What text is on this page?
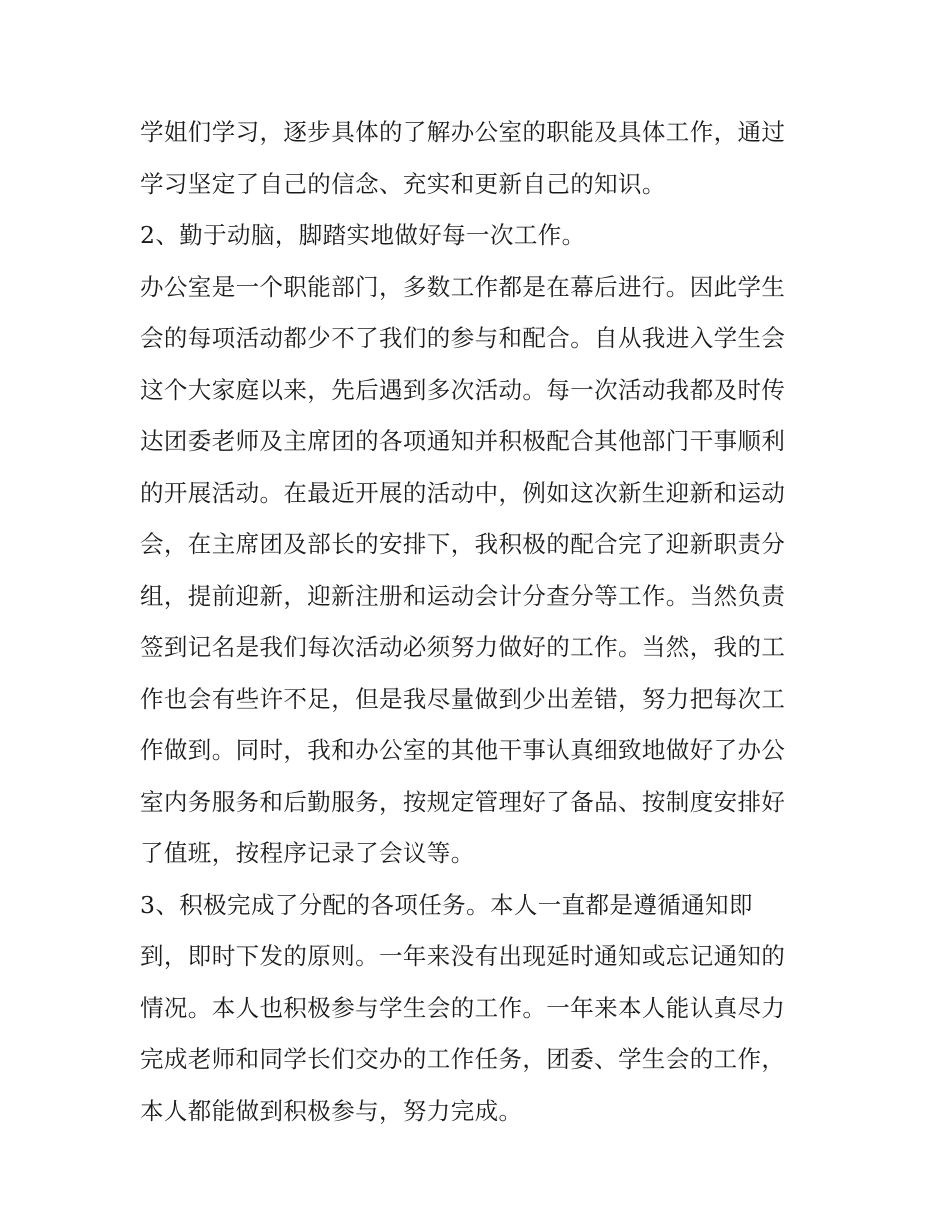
学姐们学习，逐步具体的了解办公室的职能及具体工作，通过
学习坚定了自己的信念、充实和更新自己的知识。
2、勤于动脑，脚踏实地做好每一次工作。
办公室是一个职能部门，多数工作都是在幕后进行。因此学生
会的每项活动都少不了我们的参与和配合。自从我进入学生会
这个大家庭以来，先后遇到多次活动。每一次活动我都及时传
达团委老师及主席团的各项通知并积极配合其他部门干事顺利
的开展活动。在最近开展的活动中，例如这次新生迎新和运动
会，在主席团及部长的安排下，我积极的配合完了迎新职责分
组，提前迎新，迎新注册和运动会计分查分等工作。当然负责
签到记名是我们每次活动必须努力做好的工作。当然，我的工
作也会有些许不足，但是我尽量做到少出差错，努力把每次工
作做到。同时，我和办公室的其他干事认真细致地做好了办公
室内务服务和后勤服务，按规定管理好了备品、按制度安排好
了值班，按程序记录了会议等。
3、积极完成了分配的各项任务。本人一直都是遵循通知即
到，即时下发的原则。一年来没有出现延时通知或忘记通知的
情况。本人也积极参与学生会的工作。一年来本人能认真尽力
完成老师和同学长们交办的工作任务，团委、学生会的工作，
本人都能做到积极参与，努力完成。
